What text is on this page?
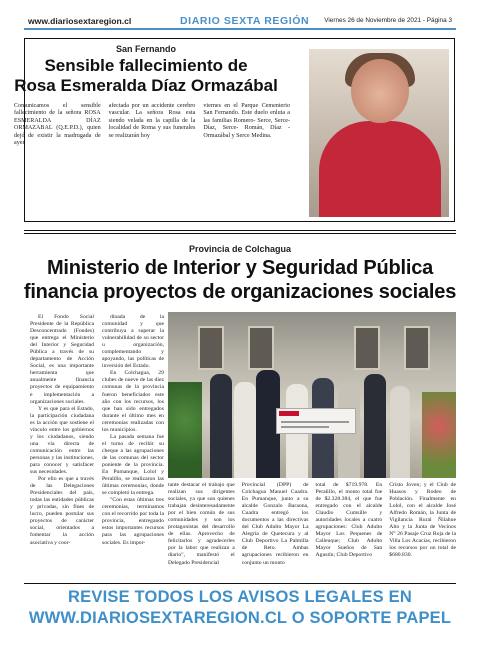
www.diariosextaregion.cl	DIARIO SEXTA REGIÓN Viernes 26 de Noviembre de 2021 - Página 3
San Fernando
Sensible fallecimiento de
Rosa Esmeralda Díaz Ormazábal
Comunicamos el sensible fallecimiento de la señora ROSA ESMERALDA DÍAZ ORMAZABAL (Q.E.P.D.), quien dejó de existir la madrugada de ayer
afectada por un accidente cerebro vascular. La señora Rosa esta siendo velada en la capilla de la localidad de Roma y sus funerales se realizarán hoy
viernes en el Parque Cementerio San Fernando. Este duelo enluta a las familias Romero- Serce, Serce-Díaz, Serce- Román, Díaz -Ormazábal y Serce Medina.
Provincia de Colchagua
Ministerio de Interior y Seguridad Pública
financia proyectos de organizaciones sociales

El Fondo Social Presidente de la República Desconcentrado (Fondes) que entrega el Ministerio del Interior y Seguridad Pública a través de su departamento de Acción Social, es una importante herramienta que anualmente financia proyectos de equipamiento e implementación a organizaciones sociales.

Y es que para el Estado, la participación ciudadana es la acción que sostiene el vínculo entre los gobiernos y los ciudadanos, siendo una vía directa de comunicación entre las personas y las instituciones, para conocer y satisfacer sus necesidades.

Por ello es que a través de las Delegaciones Presidenciales del país, todas las entidades públicas y privadas, sin fines de lucro, pueden postular sus proyectos de carácter social, orientados a fomentar la acción asociativa y coor-

dinada de la comunidad y que contribuya a superar la vulnerabilidad de su sector u organización, complementando y apoyando, las políticas de inversión del Estado.

En Colchagua, 29 clubes de nueve de las diez comunas de la provincia fueron beneficiados este año con los recursos, los que han sido entregados durante el último mes en ceremonias realizadas con los municipios.

La pasada semana fue el turno de recibir su cheque a las agrupaciones de las comunas del sector poniente de la provincia. En Pumanque, Lolol y Peralillo, se realizaron las últimas ceremonias, donde se completó la entrega.

"Con estas últimas tres ceremonias, terminamos con el recorrido por toda la provincia, entregando estos importantes recursos para las agrupaciones sociales. Es impor-

tante destacar el trabajo que realizan sus dirigentes sociales, ya que son quienes trabajan desinteresadamente por el bien común de sus comunidades y son los protagonistas del desarrollo de ellas. Aprovecho de felicitarlos y agradecerles por la labor que realizan a diario", manifestó el Delegado Presidencial
Provincial (DPP) de Colchagua Manuel Cuadra. En Pumanque, junto a su alcalde Gonzalo Baraona, Cuadra entregó los documentos a las directivas del Club Adulto Mayor La Alegría de Quetecura y al Club Deportivo La Palmilla de Reto. Ambas agrupaciones recibieron en conjunto un monto
total de $719.978. En Peralillo, el monto total fue de $2.328.384, el que fue entregado con el alcalde Claudio Cumsille y autoridades locales a cuatro agrupaciones: Club Adulto Mayor Los Pequenes de Calleuque; Club Adulto Mayor Sueños de San Agustín; Club Deportivo
Cristo Joven; y el Club de Huasos y Rodeo de Población. Finalmente en Lolol, con el alcalde José Alfredo Román, la Junta de Vigilancia Rural Ñilahue Alto y la Junta de Vecinos N° 26 Pasaje Cruz Roja de la Villa Los Acacias, recibieron los recursos por un total de $680.830.
REVISE TODOS LOS AVISOS LEGALES EN
WWW.DIARIOSEXTAREGION.CL O SOPORTE PAPEL
